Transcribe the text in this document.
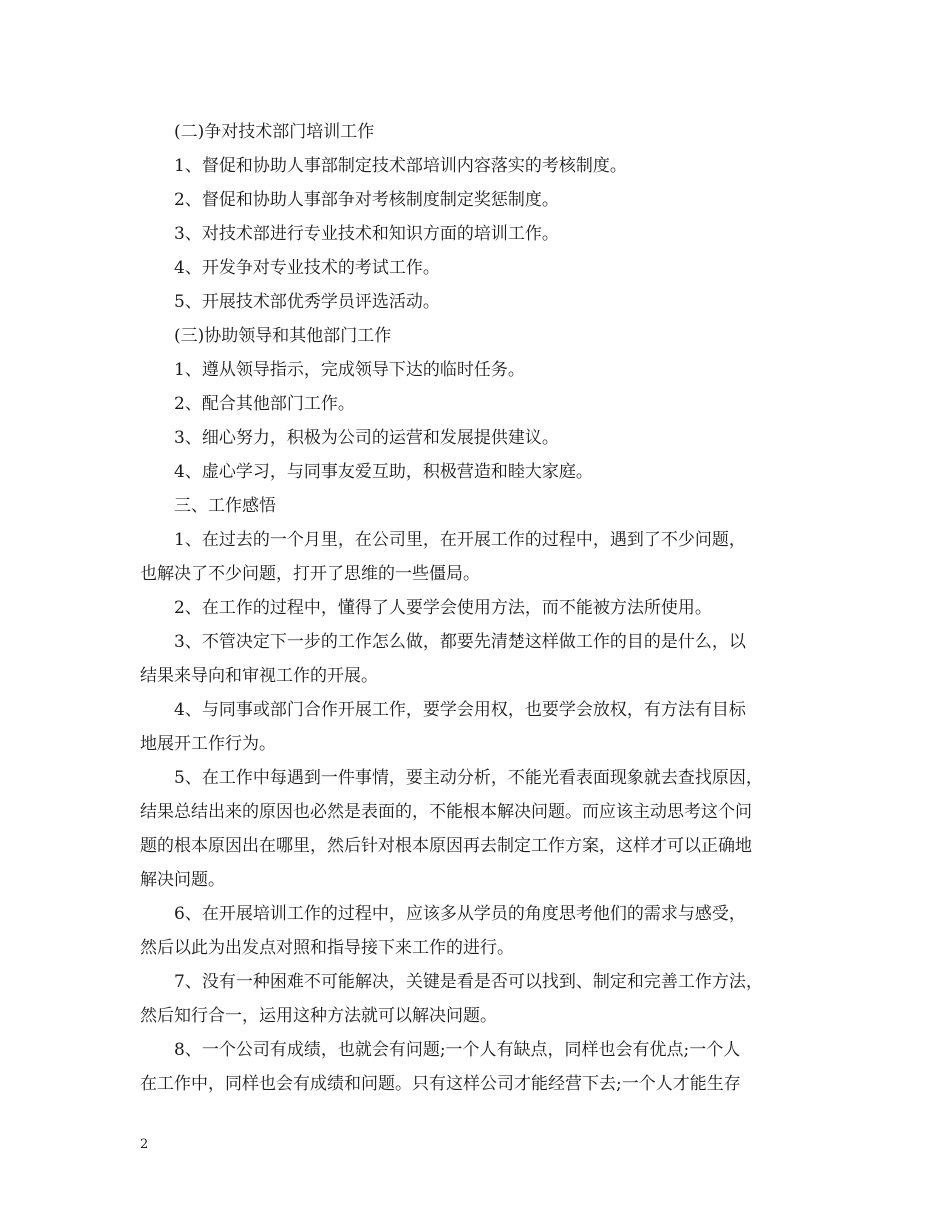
(二)争对技术部门培训工作
1、督促和协助人事部制定技术部培训内容落实的考核制度。
2、督促和协助人事部争对考核制度制定奖惩制度。
3、对技术部进行专业技术和知识方面的培训工作。
4、开发争对专业技术的考试工作。
5、开展技术部优秀学员评选活动。
(三)协助领导和其他部门工作
1、遵从领导指示，完成领导下达的临时任务。
2、配合其他部门工作。
3、细心努力，积极为公司的运营和发展提供建议。
4、虚心学习，与同事友爱互助，积极营造和睦大家庭。
三、工作感悟
1、在过去的一个月里，在公司里，在开展工作的过程中，遇到了不少问题，
也解决了不少问题，打开了思维的一些僵局。
2、在工作的过程中，懂得了人要学会使用方法，而不能被方法所使用。
3、不管决定下一步的工作怎么做，都要先清楚这样做工作的目的是什么，以
结果来导向和审视工作的开展。
4、与同事或部门合作开展工作，要学会用权，也要学会放权，有方法有目标
地展开工作行为。
5、在工作中每遇到一件事情，要主动分析，不能光看表面现象就去查找原因，
结果总结出来的原因也必然是表面的，不能根本解决问题。而应该主动思考这个问
题的根本原因出在哪里，然后针对根本原因再去制定工作方案，这样才可以正确地
解决问题。
6、在开展培训工作的过程中，应该多从学员的角度思考他们的需求与感受，
然后以此为出发点对照和指导接下来工作的进行。
7、没有一种困难不可能解决，关键是看是否可以找到、制定和完善工作方法，
然后知行合一，运用这种方法就可以解决问题。
8、一个公司有成绩，也就会有问题;一个人有缺点，同样也会有优点;一个人
在工作中，同样也会有成绩和问题。只有这样公司才能经营下去;一个人才能生存
2
